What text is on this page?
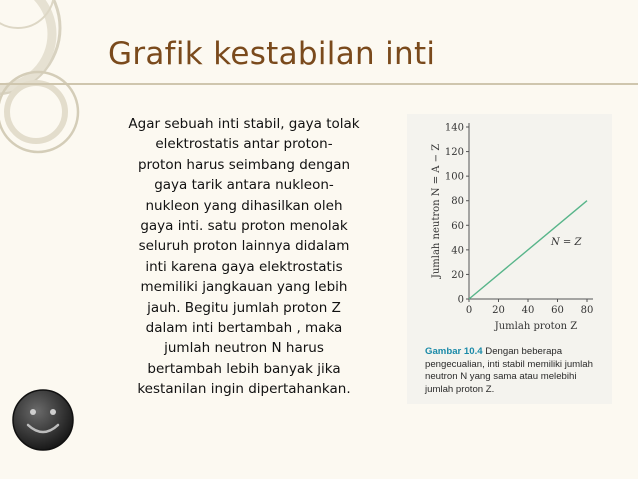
Grafik kestabilan inti

Agar sebuah inti stabil, gaya tolak

elektrostatis antar proton-

proton harus seimbang dengan

gaya tarik antara nukleon-

nukleon yang dihasilkan oleh

gaya inti. satu proton menolak

seluruh proton lainnya didalam

inti karena gaya elektrostatis

memiliki jangkauan yang lebih

jauh. Begitu jumlah proton Z

dalam inti bertambah , maka

jumlah neutron N harus

bertambah lebih banyak jika

kestanilan ingin dipertahankan.

0
20
40
60
80
100
120
140
0 20 40 60 80
Jumlah proton Z
Jumlah neutron N = A − Z	N = Z
Gambar 10.4 Dengan beberapa pengecualian, inti stabil memiliki jumlah neutron N yang sama atau melebihi jumlah proton Z.
